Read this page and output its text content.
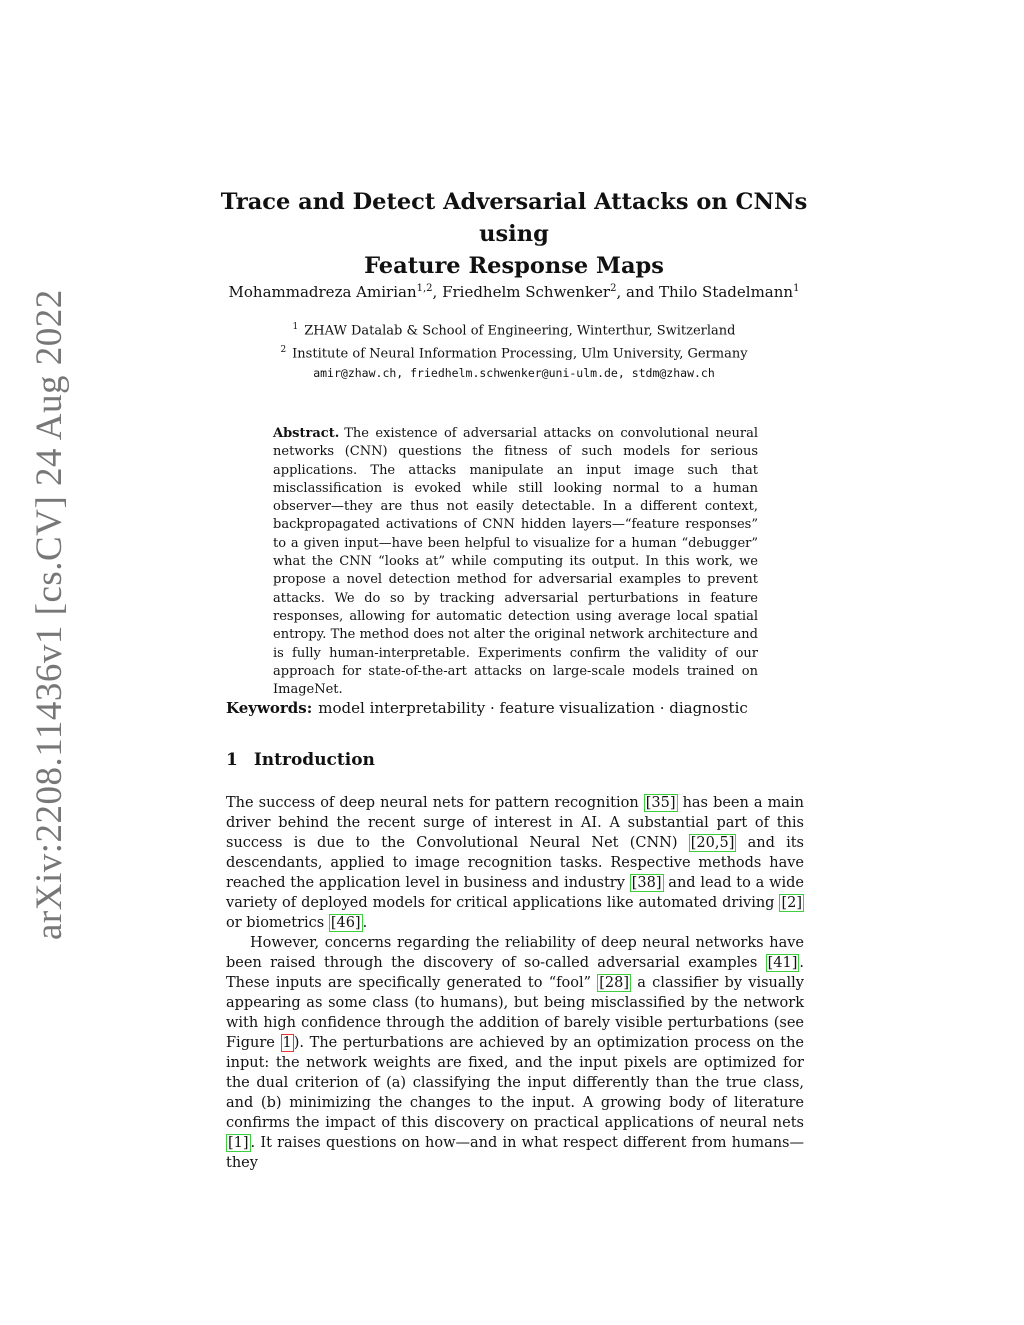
arXiv:2208.11436v1 [cs.CV] 24 Aug 2022
Trace and Detect Adversarial Attacks on CNNs using
Feature Response Maps
Mohammadreza Amirian$^{1,2}$, Friedhelm Schwenker$^2$, and Thilo Stadelmann$^1$
$^1$ ZHAW Datalab & School of Engineering, Winterthur, Switzerland
$^2$ Institute of Neural Information Processing, Ulm University, Germany
amir@zhaw.ch, friedhelm.schwenker@uni-ulm.de, stdm@zhaw.ch
Abstract. The existence of adversarial attacks on convolutional neural networks (CNN) questions the fitness of such models for serious applications. The attacks manipulate an input image such that misclassification is evoked while still looking normal to a human observer—they are thus not easily detectable. In a different context, backpropagated activations of CNN hidden layers—“feature responses” to a given input—have been helpful to visualize for a human “debugger” what the CNN “looks at” while computing its output. In this work, we propose a novel detection method for adversarial examples to prevent attacks. We do so by tracking adversarial perturbations in feature responses, allowing for automatic detection using average local spatial entropy. The method does not alter the original network architecture and is fully human-interpretable. Experiments confirm the validity of our approach for state-of-the-art attacks on large-scale models trained on ImageNet.
Keywords: model interpretability · feature visualization · diagnostic
1 Introduction

The success of deep neural nets for pattern recognition [35] has been a main driver behind the recent surge of interest in AI. A substantial part of this success is due to the Convolutional Neural Net (CNN) [20,5] and its descendants, applied to image recognition tasks. Respective methods have reached the application level in business and industry [38] and lead to a wide variety of deployed models for critical applications like automated driving [2] or biometrics [46] .

However, concerns regarding the reliability of deep neural networks have been raised through the discovery of so-called adversarial examples [41] . These inputs are specifically generated to “fool” [28] a classifier by visually appearing as some class (to humans), but being misclassified by the network with high confidence through the addition of barely visible perturbations (see Figure 1 ). The perturbations are achieved by an optimization process on the input: the network weights are fixed, and the input pixels are optimized for the dual criterion of (a) classifying the input differently than the true class, and (b) minimizing the changes to the input. A growing body of literature confirms the impact of this discovery on practical applications of neural nets [1] . It raises questions on how—and in what respect different from humans—they
